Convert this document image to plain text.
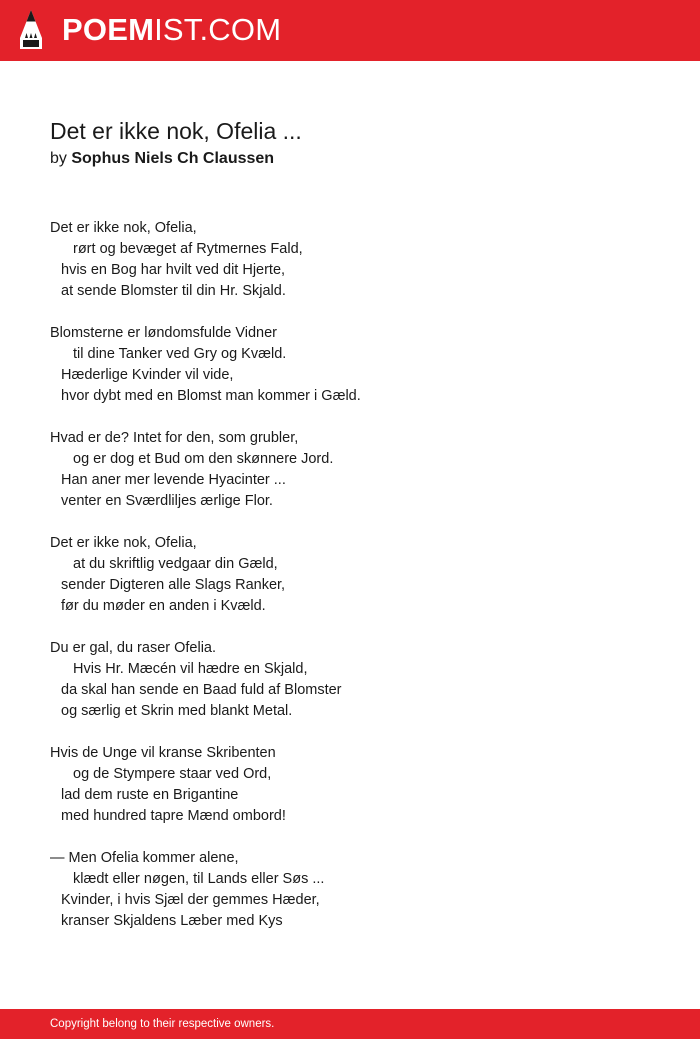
POEMIST.COM
Det er ikke nok, Ofelia ...
by Sophus Niels Ch Claussen
Det er ikke nok, Ofelia,
rørt og bevæget af Rytmernes Fald,
hvis en Bog har hvilt ved dit Hjerte,
at sende Blomster til din Hr. Skjald.
Blomsterne er løndomsfulde Vidner
til dine Tanker ved Gry og Kvæld.
Hæderlige Kvinder vil vide,
hvor dybt med en Blomst man kommer i Gæld.
Hvad er de? Intet for den, som grubler,
og er dog et Bud om den skønnere Jord.
Han aner mer levende Hyacinter ...
venter en Sværdliljes ærlige Flor.
Det er ikke nok, Ofelia,
at du skriftlig vedgaar din Gæld,
sender Digteren alle Slags Ranker,
før du møder en anden i Kvæld.
Du er gal, du raser Ofelia.
Hvis Hr. Mæcén vil hædre en Skjald,
da skal han sende en Baad fuld af Blomster
og særlig et Skrin med blankt Metal.
Hvis de Unge vil kranse Skribenten
og de Stympere staar ved Ord,
lad dem ruste en Brigantine
med hundred tapre Mænd ombord!
— Men Ofelia kommer alene,
klædt eller nøgen, til Lands eller Søs ...
Kvinder, i hvis Sjæl der gemmes Hæder,
kranser Skjaldens Læber med Kys
Copyright belong to their respective owners.
